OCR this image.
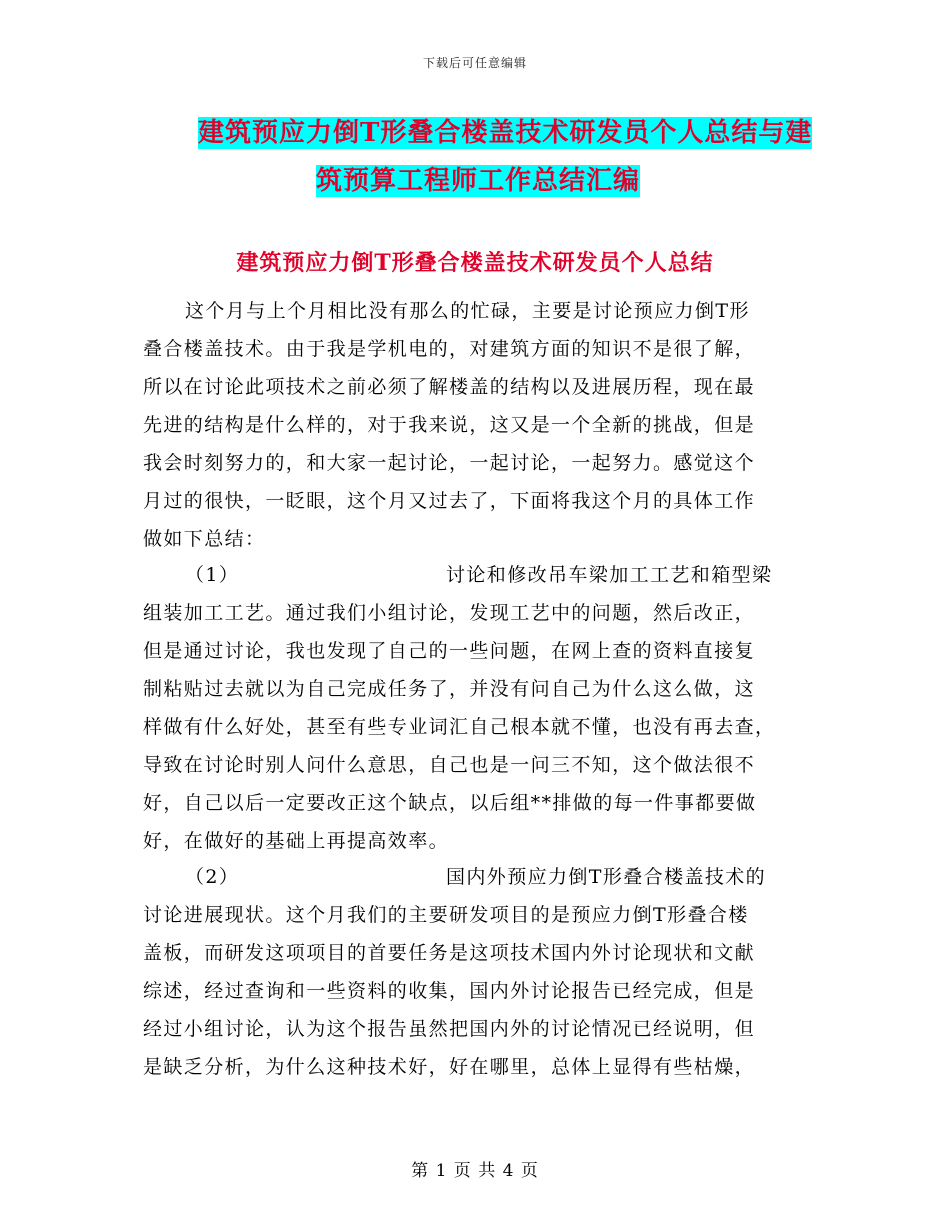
下载后可任意编辑
建筑预应力倒T形叠合楼盖技术研发员个人总结与建
筑预算工程师工作总结汇编
建筑预应力倒T形叠合楼盖技术研发员个人总结
这个月与上个月相比没有那么的忙碌，主要是讨论预应力倒T形
叠合楼盖技术。由于我是学机电的，对建筑方面的知识不是很了解，
所以在讨论此项技术之前必须了解楼盖的结构以及进展历程，现在最
先进的结构是什么样的，对于我来说，这又是一个全新的挑战，但是
我会时刻努力的，和大家一起讨论，一起讨论，一起努力。感觉这个
月过的很快，一眨眼，这个月又过去了，下面将我这个月的具体工作
做如下总结：
（1）	讨论和修改吊车梁加工工艺和箱型梁
组装加工工艺。通过我们小组讨论，发现工艺中的问题，然后改正，
但是通过讨论，我也发现了自己的一些问题，在网上查的资料直接复
制粘贴过去就以为自己完成任务了，并没有问自己为什么这么做，这
样做有什么好处，甚至有些专业词汇自己根本就不懂，也没有再去查，
导致在讨论时别人问什么意思，自己也是一问三不知，这个做法很不
好，自己以后一定要改正这个缺点，以后组**排做的每一件事都要做
好，在做好的基础上再提高效率。
（2）	国内外预应力倒T形叠合楼盖技术的
讨论进展现状。这个月我们的主要研发项目的是预应力倒T形叠合楼
盖板，而研发这项项目的首要任务是这项技术国内外讨论现状和文献
综述，经过查询和一些资料的收集，国内外讨论报告已经完成，但是
经过小组讨论，认为这个报告虽然把国内外的讨论情况已经说明，但
是缺乏分析，为什么这种技术好，好在哪里，总体上显得有些枯燥，
第 1 页 共 4 页
